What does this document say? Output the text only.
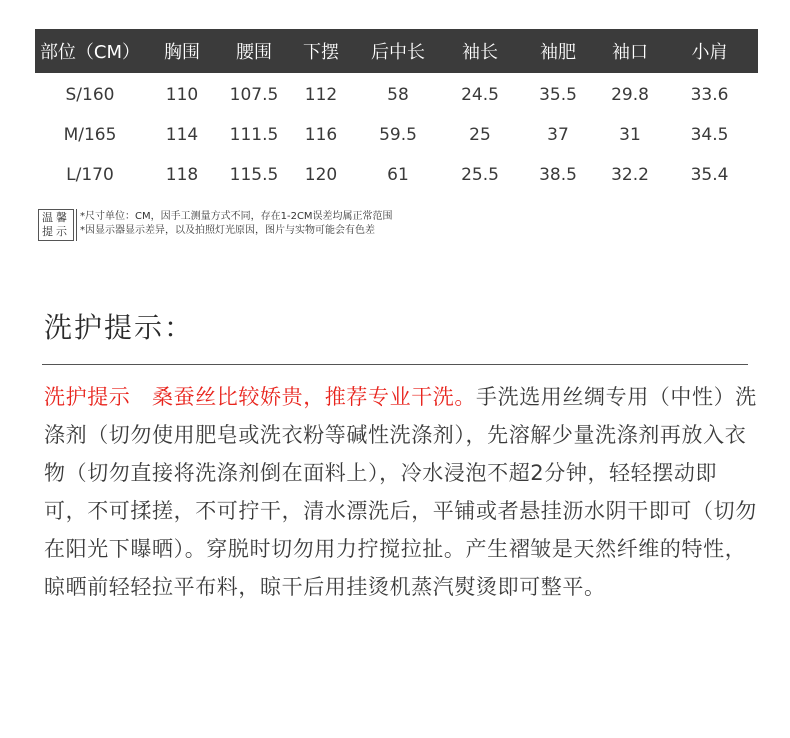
部位（CM）	胸围	腰围	下摆	后中长	袖长	袖肥	袖口	小肩
S/160	110	107.5	112	58	24.5	35.5	29.8	33.6
M/165	114	111.5	116	59.5	25	37	31	34.5
L/170	118	115.5	120	61	25.5	38.5	32.2	35.4
温馨
提示
*尺寸单位：CM，因手工测量方式不同，存在1-2CM误差均属正常范围
*因显示器显示差异，以及拍照灯光原因，图片与实物可能会有色差
洗护提示：

洗护提示　桑蚕丝比较娇贵，推荐专业干洗。手洗选用丝绸专用（中性）洗涤剂（切勿使用肥皂或洗衣粉等碱性洗涤剂），先溶解少量洗涤剂再放入衣物（切勿直接将洗涤剂倒在面料上），冷水浸泡不超2分钟，轻轻摆动即可，不可揉搓，不可拧干，清水漂洗后，平铺或者悬挂沥水阴干即可（切勿在阳光下曝晒）。穿脱时切勿用力拧搅拉扯。产生褶皱是天然纤维的特性，晾晒前轻轻拉平布料，晾干后用挂烫机蒸汽熨烫即可整平。
